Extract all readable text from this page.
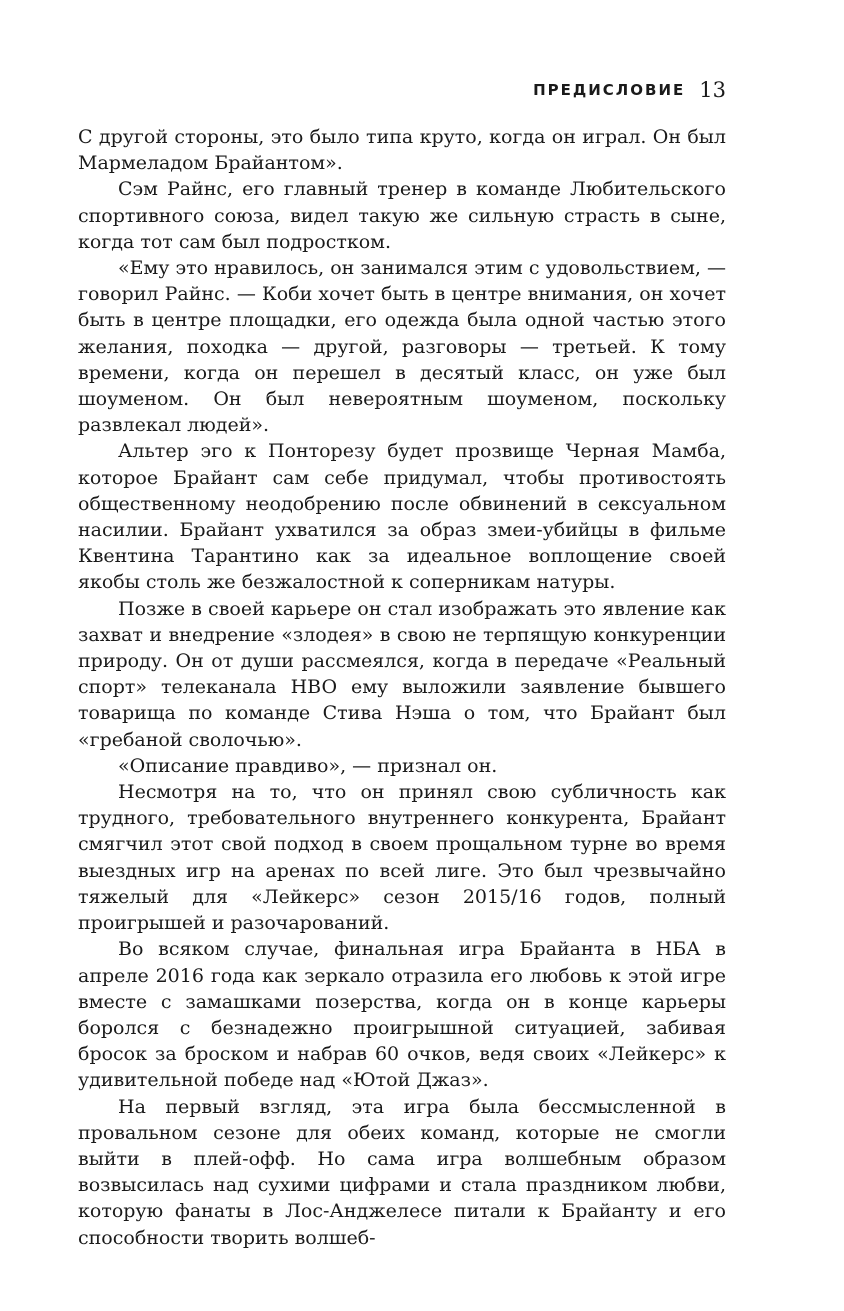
ПРЕДИСЛОВИЕ 13

С другой стороны, это было типа круто, когда он играл. Он был Мармеладом Брайантом».

Сэм Райнс, его главный тренер в команде Любительского спортивного союза, видел такую же сильную страсть в сыне, когда тот сам был подростком.

«Ему это нравилось, он занимался этим с удовольствием, — говорил Райнс. — Коби хочет быть в центре внимания, он хочет быть в центре площадки, его одежда была одной частью этого желания, походка — другой, разговоры — третьей. К тому времени, когда он перешел в десятый класс, он уже был шоуменом. Он был невероятным шоуменом, поскольку развлекал людей».

Альтер эго к Понторезу будет прозвище Черная Мамба, которое Брайант сам себе придумал, чтобы противостоять общественному неодобрению после обвинений в сексуальном насилии. Брайант ухватился за образ змеи-убийцы в фильме Квентина Тарантино как за идеальное воплощение своей якобы столь же безжалостной к соперникам натуры.

Позже в своей карьере он стал изображать это явление как захват и внедрение «злодея» в свою не терпящую конкуренции природу. Он от души рассмеялся, когда в передаче «Реальный спорт» телеканала HBO ему выложили заявление бывшего товарища по команде Стива Нэша о том, что Брайант был «гребаной сволочью».

«Описание правдиво», — признал он.

Несмотря на то, что он принял свою субличность как трудного, требовательного внутреннего конкурента, Брайант смягчил этот свой подход в своем прощальном турне во время выездных игр на аренах по всей лиге. Это был чрезвычайно тяжелый для «Лейкерс» сезон 2015/16 годов, полный проигрышей и разочарований.

Во всяком случае, финальная игра Брайанта в НБА в апреле 2016 года как зеркало отразила его любовь к этой игре вместе с замашками позерства, когда он в конце карьеры боролся с безнадежно проигрышной ситуацией, забивая бросок за броском и набрав 60 очков, ведя своих «Лейкерс» к удивительной победе над «Ютой Джаз».

На первый взгляд, эта игра была бессмысленной в провальном сезоне для обеих команд, которые не смогли выйти в плей-офф. Но сама игра волшебным образом возвысилась над сухими цифрами и стала праздником любви, которую фанаты в Лос-Анджелесе питали к Брайанту и его способности творить волшеб-
